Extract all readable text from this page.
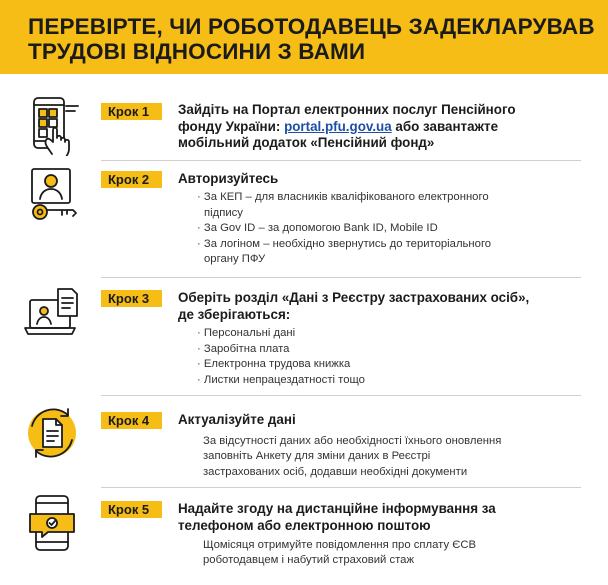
ПЕРЕВІРТЕ, ЧИ РОБОТОДАВЕЦЬ ЗАДЕКЛАРУВАВ
ТРУДОВІ ВІДНОСИНИ З ВАМИ
Крок 1	Зайдіть на Портал електронних послуг Пенсійного
фонду України: portal.pfu.gov.ua або завантажте
мобільний додаток «Пенсійний фонд»
Крок 2	Авторизуйтесь
· За КЕП – для власників кваліфікованого електронного
підпису
· За Gov ID – за допомогою Bank ID, Mobile ID
· За логіном – необхідно звернутись до територіального
органу ПФУ
Крок 3	Оберіть розділ «Дані з Реєстру застрахованих осіб»,
де зберігаються:
· Персональні дані
· Заробітна плата
· Електронна трудова книжка
· Листки непрацездатності тощо
Крок 4	Актуалізуйте дані
За відсутності даних або необхідності їхнього оновлення
заповніть Анкету для зміни даних в Реєстрі
застрахованих осіб, додавши необхідні документи
Крок 5	Надайте згоду на дистанційне інформування за
телефоном або електронною поштою
Щомісяця отримуйте повідомлення про сплату ЄСВ
роботодавцем і набутий страховий стаж
